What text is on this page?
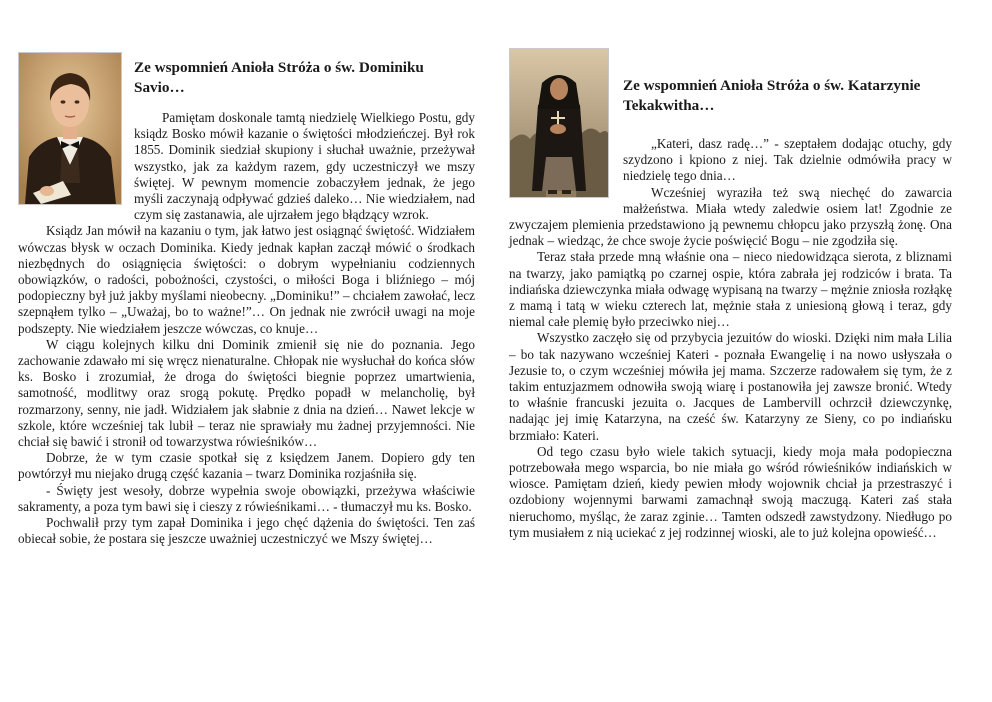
Ze wspomnień Anioła Stróża o św. Dominiku Savio…

Pamiętam doskonale tamtą niedzielę Wielkiego Postu, gdy ksiądz Bosko mówił kazanie o świętości młodzieńczej. Był rok 1855. Dominik siedział skupiony i słuchał uważnie, przeżywał wszystko, jak za każdym razem, gdy uczestniczył we mszy świętej. W pewnym momencie zobaczyłem jednak, że jego myśli zaczynają odpływać gdzieś daleko… Nie wiedziałem, nad czym się zastanawia, ale ujrzałem jego błądzący wzrok.

Ksiądz Jan mówił na kazaniu o tym, jak łatwo jest osiągnąć świętość. Widziałem wówczas błysk w oczach Dominika. Kiedy jednak kapłan zaczął mówić o środkach niezbędnych do osiągnięcia świętości: o dobrym wypełnianiu codziennych obowiązków, o radości, pobożności, czystości, o miłości Boga i bliźniego – mój podopieczny był już jakby myślami nieobecny. „Dominiku!” – chciałem zawołać, lecz szepnąłem tylko – „Uważaj, bo to ważne!”… On jednak nie zwrócił uwagi na moje podszepty. Nie wiedziałem jeszcze wówczas, co knuje…

W ciągu kolejnych kilku dni Dominik zmienił się nie do poznania. Jego zachowanie zdawało mi się wręcz nienaturalne. Chłopak nie wysłuchał do końca słów ks. Bosko i zrozumiał, że droga do świętości biegnie poprzez umartwienia, samotność, modlitwy oraz srogą pokutę. Prędko popadł w melancholię, był rozmarzony, senny, nie jadł. Widziałem jak słabnie z dnia na dzień… Nawet lekcje w szkole, które wcześniej tak lubił – teraz nie sprawiały mu żadnej przyjemności. Nie chciał się bawić i stronił od towarzystwa rówieśników…

Dobrze, że w tym czasie spotkał się z księdzem Janem. Dopiero gdy ten powtórzył mu niejako drugą część kazania – twarz Dominika rozjaśniła się.

- Święty jest wesoły, dobrze wypełnia swoje obowiązki, przeżywa właściwie sakramenty, a poza tym bawi się i cieszy z rówieśnikami… - tłumaczył mu ks. Bosko.

Pochwalił przy tym zapał Dominika i jego chęć dążenia do świętości. Ten zaś obiecał sobie, że postara się jeszcze uważniej uczestniczyć we Mszy świętej…

Ze wspomnień Anioła Stróża o św. Katarzynie Tekakwitha…

„Kateri, dasz radę…” - szeptałem dodając otuchy, gdy szydzono i kpiono z niej. Tak dzielnie odmówiła pracy w niedzielę tego dnia…

Wcześniej wyraziła też swą niechęć do zawarcia małżeństwa. Miała wtedy zaledwie osiem lat! Zgodnie ze zwyczajem plemienia przedstawiono ją pewnemu chłopcu jako przyszłą żonę. Ona jednak – wiedząc, że chce swoje życie poświęcić Bogu – nie zgodziła się.

Teraz stała przede mną właśnie ona – nieco niedowidząca sierota, z bliznami na twarzy, jako pamiątką po czarnej ospie, która zabrała jej rodziców i brata. Ta indiańska dziewczynka miała odwagę wypisaną na twarzy – mężnie zniosła rozłąkę z mamą i tatą w wieku czterech lat, mężnie stała z uniesioną głową i teraz, gdy niemal całe plemię było przeciwko niej…

Wszystko zaczęło się od przybycia jezuitów do wioski. Dzięki nim mała Lilia – bo tak nazywano wcześniej Kateri - poznała Ewangelię i na nowo usłyszała o Jezusie to, o czym wcześniej mówiła jej mama. Szczerze radowałem się tym, że z takim entuzjazmem odnowiła swoją wiarę i postanowiła jej zawsze bronić. Wtedy to właśnie francuski jezuita o. Jacques de Lambervill ochrzcił dziewczynkę, nadając jej imię Katarzyna, na cześć św. Katarzyny ze Sieny, co po indiańsku brzmiało: Kateri.

Od tego czasu było wiele takich sytuacji, kiedy moja mała podopieczna potrzebowała mego wsparcia, bo nie miała go wśród rówieśników indiańskich w wiosce. Pamiętam dzień, kiedy pewien młody wojownik chciał ja przestraszyć i ozdobiony wojennymi barwami zamachnął swoją maczugą. Kateri zaś stała nieruchomo, myśląc, że zaraz zginie… Tamten odszedł zawstydzony. Niedługo po tym musiałem z nią uciekać z jej rodzinnej wioski, ale to już kolejna opowieść…
